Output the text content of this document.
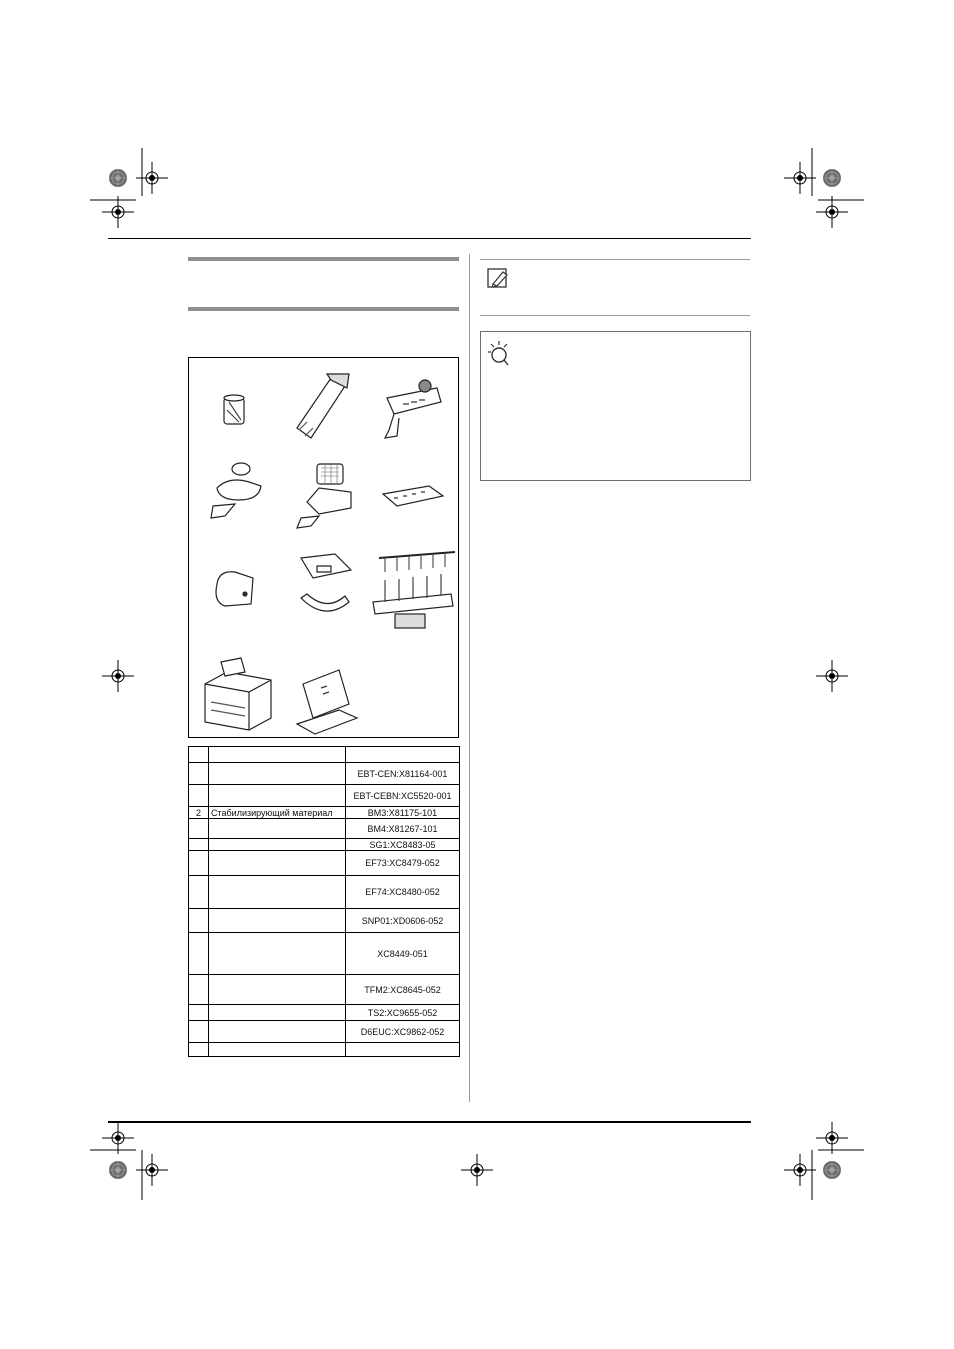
		EBT-CEN:X81164-001
		EBT-CEBN:XC5520-001
2	Стабилизирующий материал	BM3:X81175-101
		BM4:X81267-101
		SG1:XC8483-05
		EF73:XC8479-052
		EF74:XC8480-052
		SNP01:XD0606-052
		XC8449-051
		TFM2:XC8645-052
		TS2:XC9655-052
		D6EUC:XC9862-052
